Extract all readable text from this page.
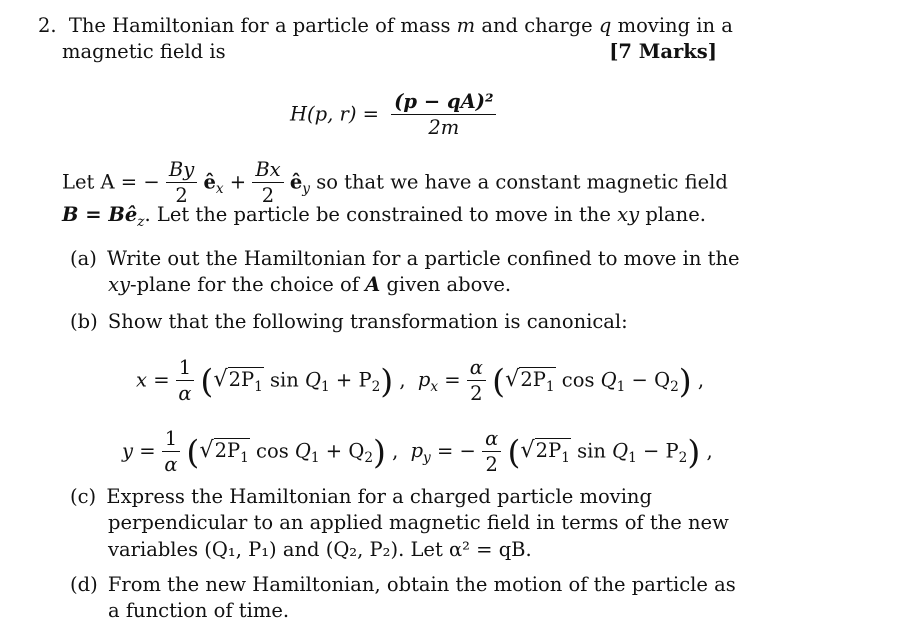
2. The Hamiltonian for a particle of mass m and charge q moving in a
magnetic field is	[7 Marks]
H(p, $r) = \frac{\text{(p − qA)²}}{2m}$
Let A = − $\frac{By}{2}$ $ê_x + \frac{Bx}{2}$ $ê_y$ so that we have a constant magnetic field
$B = Bê_z$. Let the particle be constrained to move in the xy plane.
(a) Write out the Hamiltonian for a particle confined to move in the
xy-plane for the choice of A given above.
(b) Show that the following transformation is canonical:
$x = \frac{1}{\alpha} (√2P_1$ $\sin Q_1 + P_2$) , $p_x = \frac{\alpha}{2} (√2P_1$ $\cos Q_1 - Q_2$) ,
$y = \frac{1}{\alpha} (√2P_1$ $\cos Q_1 + Q_2$) , $p_y$ = − $\frac{\alpha}{2} (√2P_1$ $\sin Q_1 - P_2$) ,
(c) Express the Hamiltonian for a charged particle moving
perpendicular to an applied magnetic field in terms of the new
variables (Q₁, P₁) and (Q₂, P₂). Let α² = qB.
(d) From the new Hamiltonian, obtain the motion of the particle as
a function of time.
